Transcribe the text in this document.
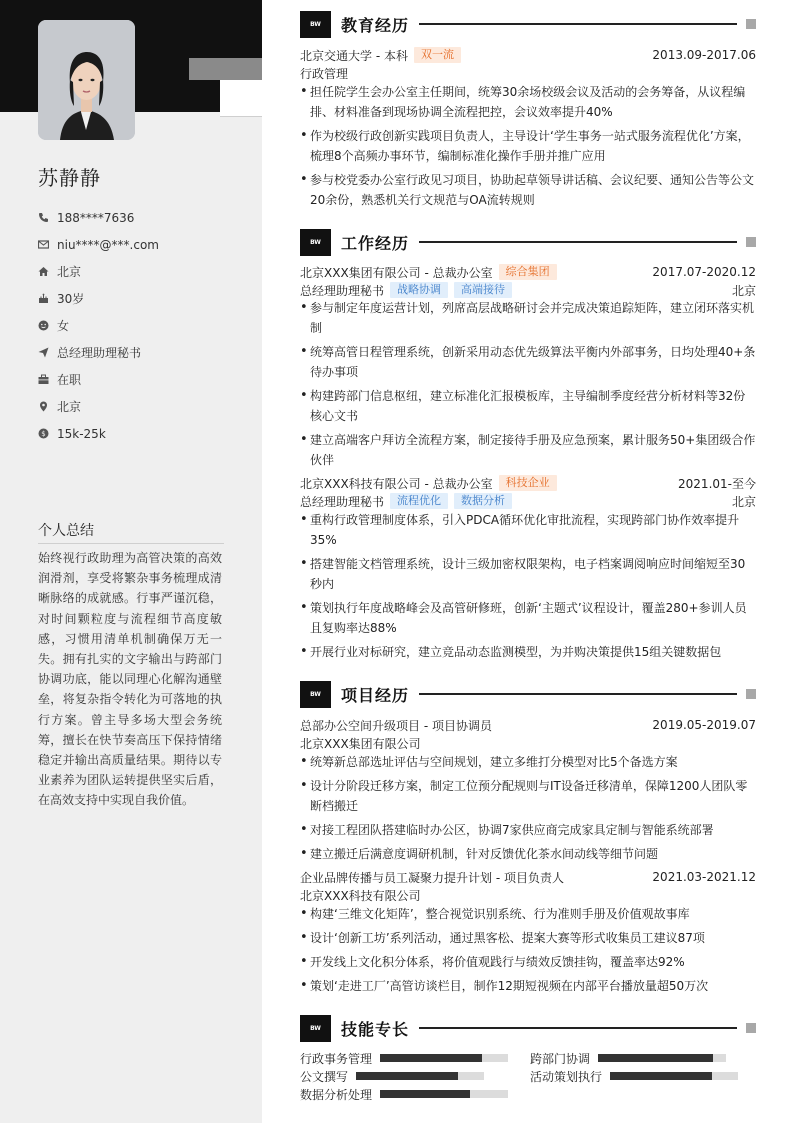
苏静静
188****7636
niu****@***.com
北京
30岁
女
总经理助理秘书
在职
北京
$ 15k-25k
个人总结
始终视行政助理为高管决策的高效润滑剂，享受将繁杂事务梳理成清晰脉络的成就感。行事严谨沉稳，对时间颗粒度与流程细节高度敏感，习惯用清单机制确保万无一失。拥有扎实的文字输出与跨部门协调功底，能以同理心化解沟通壁垒，将复杂指令转化为可落地的执行方案。曾主导多场大型会务统筹，擅长在快节奏高压下保持情绪稳定并输出高质量结果。期待以专业素养为团队运转提供坚实后盾，在高效支持中实现自我价值。
BW	教育经历
北京交通大学 - 本科	双一流	2013.09-2017.06
行政管理
• 担任院学生会办公室主任期间，统筹30余场校级会议及活动的会务筹备，从议程编排、材料准备到现场协调全流程把控，会议效率提升40%
• 作为校级行政创新实践项目负责人，主导设计‘学生事务一站式服务流程优化’方案，梳理8个高频办事环节，编制标准化操作手册并推广应用
• 参与校党委办公室行政见习项目，协助起草领导讲话稿、会议纪要、通知公告等公文20余份，熟悉机关行文规范与OA流转规则
BW	工作经历
北京XXX集团有限公司 - 总裁办公室	综合集团	2017.07-2020.12
总经理助理秘书	战略协调	高端接待	北京
• 参与制定年度运营计划，列席高层战略研讨会并完成决策追踪矩阵，建立闭环落实机制
• 统筹高管日程管理系统，创新采用动态优先级算法平衡内外部事务，日均处理40+条待办事项
• 构建跨部门信息枢纽，建立标准化汇报模板库，主导编制季度经营分析材料等32份核心文书
• 建立高端客户拜访全流程方案，制定接待手册及应急预案，累计服务50+集团级合作伙伴
北京XXX科技有限公司 - 总裁办公室	科技企业	2021.01-至今
总经理助理秘书	流程优化	数据分析	北京
• 重构行政管理制度体系，引入PDCA循环优化审批流程，实现跨部门协作效率提升35%
• 搭建智能文档管理系统，设计三级加密权限架构，电子档案调阅响应时间缩短至30秒内
• 策划执行年度战略峰会及高管研修班，创新‘主题式’议程设计，覆盖280+参训人员且复购率达88%
• 开展行业对标研究，建立竞品动态监测模型，为并购决策提供15组关键数据包
BW	项目经历
总部办公空间升级项目 - 项目协调员	2019.05-2019.07
北京XXX集团有限公司
• 统筹新总部选址评估与空间规划，建立多维打分模型对比5个备选方案
• 设计分阶段迁移方案，制定工位预分配规则与IT设备迁移清单，保障1200人团队零断档搬迁
• 对接工程团队搭建临时办公区，协调7家供应商完成家具定制与智能系统部署
• 建立搬迁后满意度调研机制，针对反馈优化茶水间动线等细节问题
企业品牌传播与员工凝聚力提升计划 - 项目负责人	2021.03-2021.12
北京XXX科技有限公司
• 构建‘三维文化矩阵’，整合视觉识别系统、行为准则手册及价值观故事库
• 设计‘创新工坊’系列活动，通过黑客松、提案大赛等形式收集员工建议87项
• 开发线上文化积分体系，将价值观践行与绩效反馈挂钩，覆盖率达92%
• 策划‘走进工厂’高管访谈栏目，制作12期短视频在内部平台播放量超50万次
BW	技能专长
行政事务管理	跨部门协调
公文撰写	活动策划执行
数据分析处理
